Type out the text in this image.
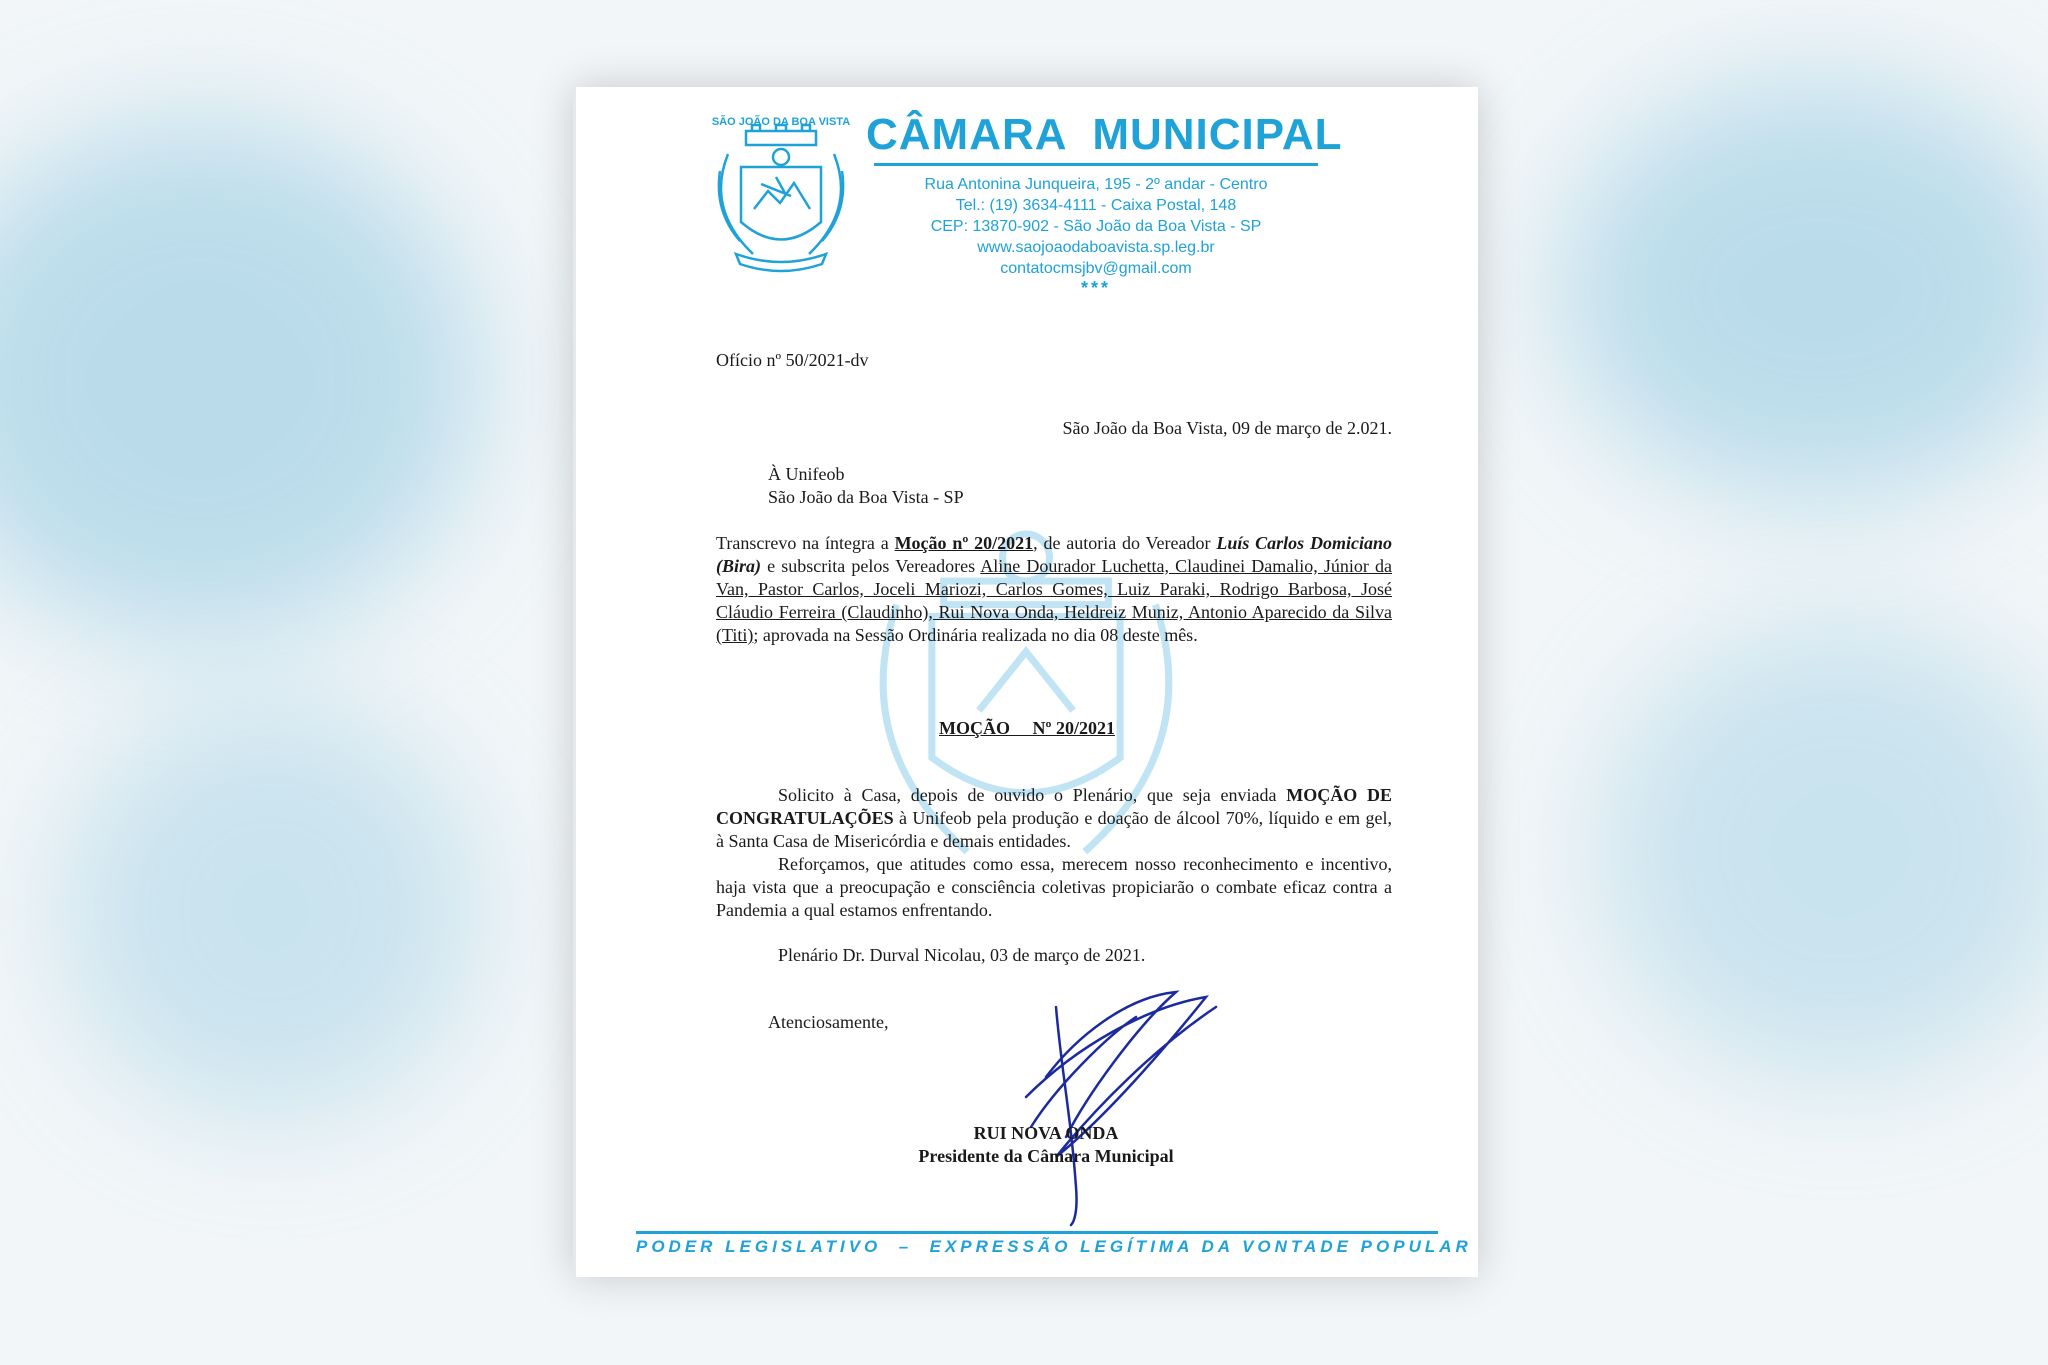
SÃO JOÃO DA BOA VISTA CÂMARA  MUNICIPAL
Rua Antonina Junqueira, 195 - 2º andar - Centro
Tel.: (19) 3634-4111 - Caixa Postal, 148
CEP: 13870-902 - São João da Boa Vista - SP
www.saojoaodaboavista.sp.leg.br
contatocmsjbv@gmail.com
***
Ofício nº 50/2021-dv
São João da Boa Vista, 09 de março de 2.021.
À Unifeob
São João da Boa Vista - SP
Transcrevo na íntegra a Moção nº 20/2021, de autoria do Vereador Luís Carlos Domiciano (Bira) e subscrita pelos Vereadores Aline Dourador Luchetta, Claudinei Damalio, Júnior da Van, Pastor Carlos, Joceli Mariozi, Carlos Gomes, Luiz Paraki, Rodrigo Barbosa, José Cláudio Ferreira (Claudinho), Rui Nova Onda, Heldreiz Muniz, Antonio Aparecido da Silva (Titi); aprovada na Sessão Ordinária realizada no dia 08 deste mês.
MOÇÃO Nº 20/2021
Solicito à Casa, depois de ouvido o Plenário, que seja enviada MOÇÃO DE CONGRATULAÇÕES à Unifeob pela produção e doação de álcool 70%, líquido e em gel, à Santa Casa de Misericórdia e demais entidades.
Reforçamos, que atitudes como essa, merecem nosso reconhecimento e incentivo, haja vista que a preocupação e consciência coletivas propiciarão o combate eficaz contra a Pandemia a qual estamos enfrentando.
Plenário Dr. Durval Nicolau, 03 de março de 2021.
Atenciosamente,
RUI NOVA ONDA
Presidente da Câmara Municipal
PODER LEGISLATIVO  –  EXPRESSÃO LEGÍTIMA DA VONTADE POPULAR
